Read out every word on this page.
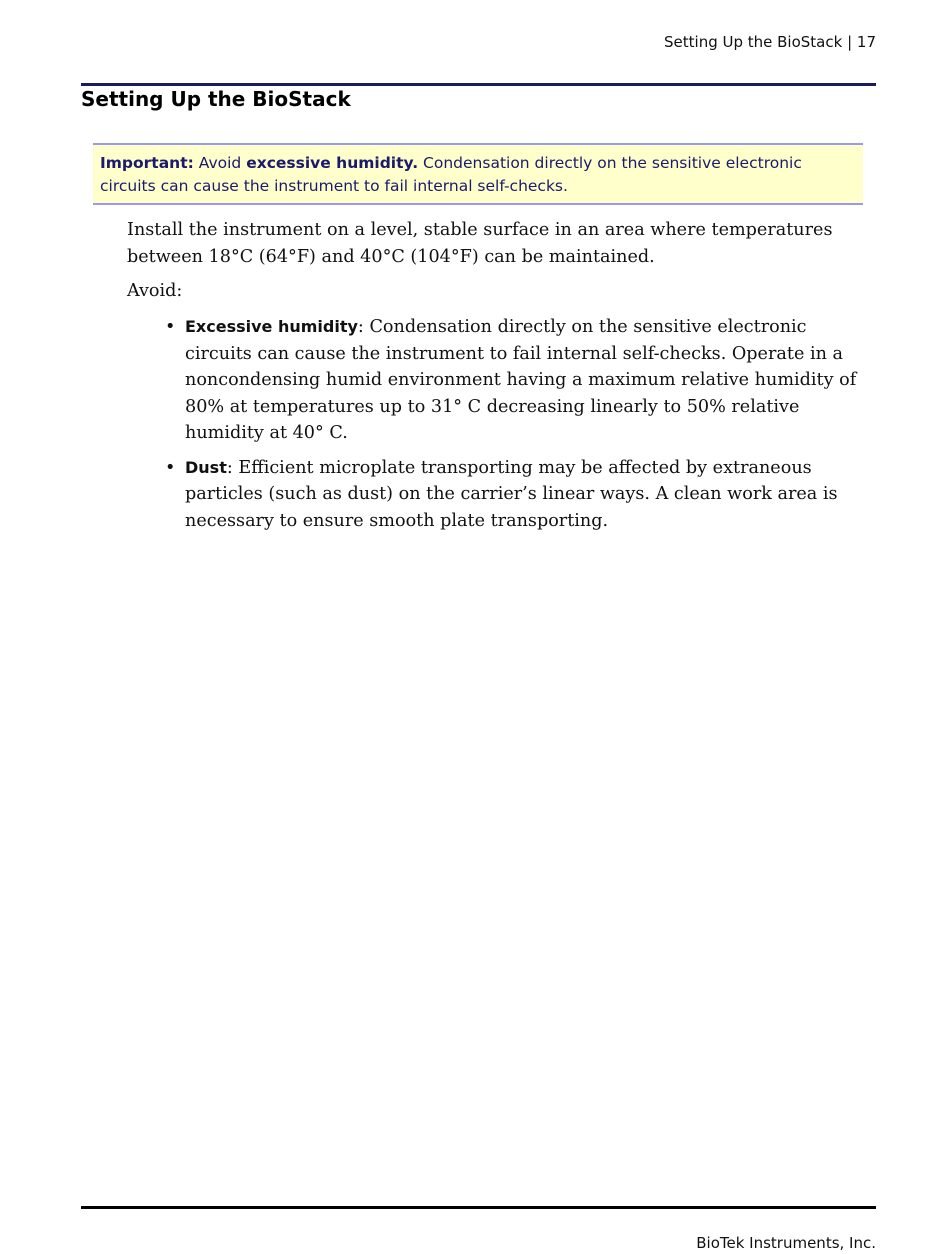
Setting Up the BioStack | 17
Setting Up the BioStack
Important: Avoid excessive humidity. Condensation directly on the sensitive electronic circuits can cause the instrument to fail internal self-checks.
Install the instrument on a level, stable surface in an area where temperatures between 18°C (64°F) and 40°C (104°F) can be maintained.
Avoid:
• Excessive humidity: Condensation directly on the sensitive electronic circuits can cause the instrument to fail internal self-checks. Operate in a noncondensing humid environment having a maximum relative humidity of 80% at temperatures up to 31° C decreasing linearly to 50% relative humidity at 40° C.
• Dust: Efficient microplate transporting may be affected by extraneous particles (such as dust) on the carrier’s linear ways. A clean work area is necessary to ensure smooth plate transporting.
BioTek Instruments, Inc.
